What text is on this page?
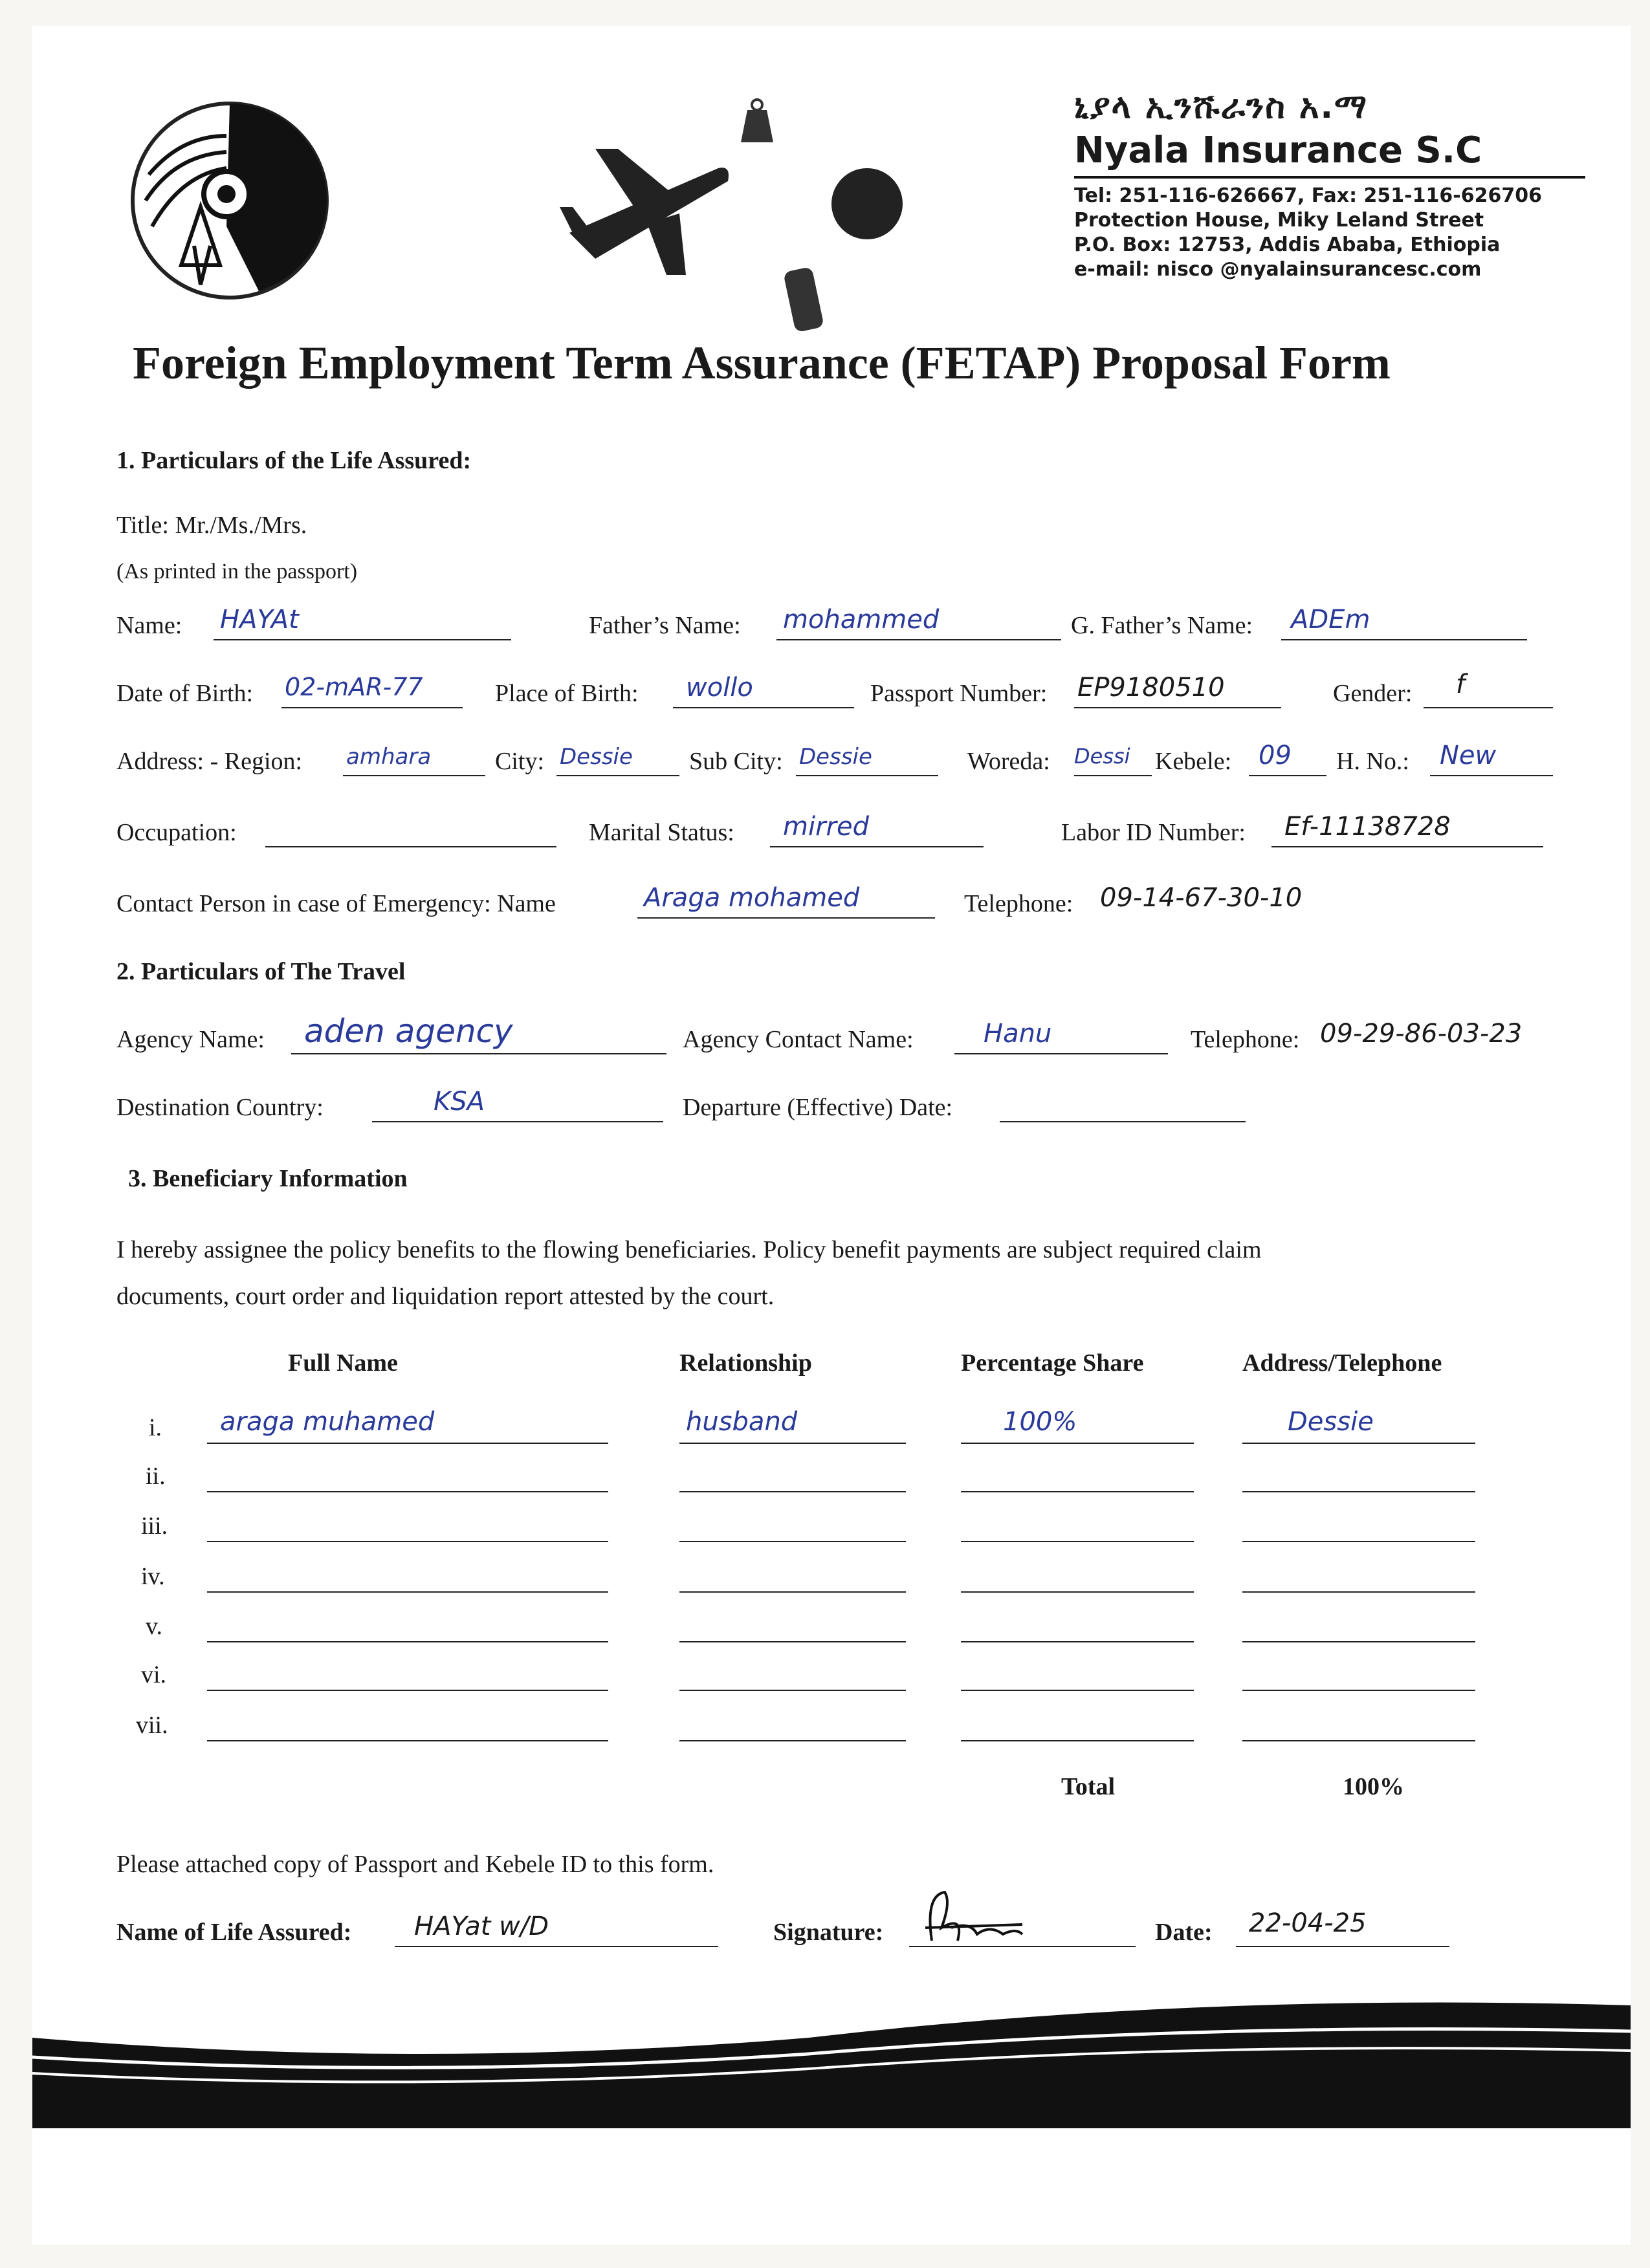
ኒያላ ኢንሹራንስ አ.ማ
Nyala Insurance S.C
Tel: 251-116-626667, Fax: 251-116-626706
Protection House, Miky Leland Street
P.O. Box: 12753, Addis Ababa, Ethiopia
e-mail: nisco @nyalainsurancesc.com
Foreign Employment Term Assurance (FETAP) Proposal Form
1. Particulars of the Life Assured:
Title: Mr./Ms./Mrs.
(As printed in the passport)
Name: HAYAt	Father’s Name: mohammed	G. Father’s Name: ADEm
Date of Birth: 02-mAR-77	Place of Birth: wollo	Passport Number: EP9180510	Gender: f
Address: - Region: amhara	City: Dessie Sub City: Dessie	Woreda: Dessi Kebele: 09 H. No.: New
Occupation:	Marital Status: mirred	Labor ID Number: Ef-11138728
Contact Person in case of Emergency: Name	Araga mohamed	Telephone: 09-14-67-30-10
2. Particulars of The Travel
Agency Name: aden agency	Agency Contact Name:	Hanu	Telephone: 09-29-86-03-23
Destination Country:	KSA	Departure (Effective) Date:
3. Beneficiary Information
I hereby assignee the policy benefits to the flowing beneficiaries. Policy benefit payments are subject required claim
documents, court order and liquidation report attested by the court.
Full Name	Relationship	Percentage Share	Address/Telephone
i. araga muhamed	husband	100%	Dessie
ii.
iii.
iv.
v.
vi.
vii.
Total	100%
Please attached copy of Passport and Kebele ID to this form.
Name of Life Assured: HAYat w/D	Signature:	Date: 22-04-25
